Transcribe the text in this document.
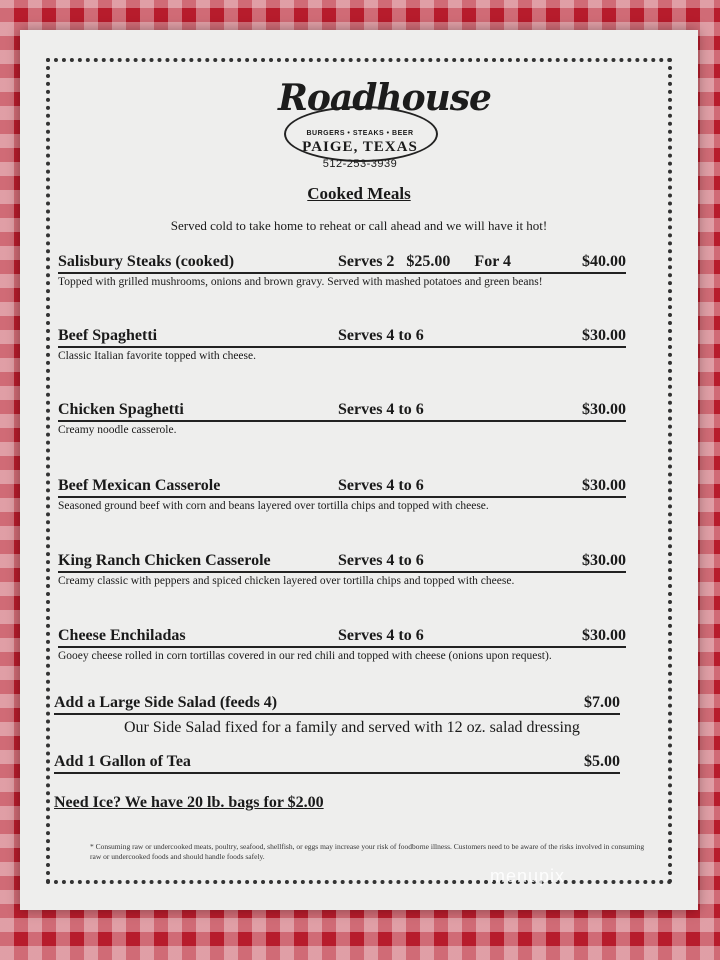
Roadhouse
BURGERS • STEAKS • BEER
PAIGE, TEXAS
512-253-3939
Cooked Meals
Served cold to take home to reheat or call ahead and we will have it hot!
Salisbury Steaks (cooked)	Serves 2   $25.00      For 4	$40.00
Topped with grilled mushrooms, onions and brown gravy. Served with mashed potatoes and green beans!
Beef Spaghetti	Serves 4 to 6	$30.00
Classic Italian favorite topped with cheese.
Chicken Spaghetti	Serves 4 to 6	$30.00
Creamy noodle casserole.
Beef Mexican Casserole	Serves 4 to 6	$30.00
Seasoned ground beef with corn and beans layered over tortilla chips and topped with cheese.
King Ranch Chicken Casserole	Serves 4 to 6	$30.00
Creamy classic with peppers and spiced chicken layered over tortilla chips and topped with cheese.
Cheese Enchiladas	Serves 4 to 6	$30.00
Gooey cheese rolled in corn tortillas covered in our red chili and topped with cheese (onions upon request).
Add a Large Side Salad (feeds 4)	$7.00
Our Side Salad fixed for a family and served with 12 oz. salad dressing
Add 1 Gallon of Tea	$5.00
Need Ice? We have 20 lb. bags for $2.00
* Consuming raw or undercooked meats, poultry, seafood, shellfish, or eggs may increase your risk of foodborne illness. Customers need to be aware of the risks involved in consuming raw or undercooked foods and should handle foods safely.
menupix
